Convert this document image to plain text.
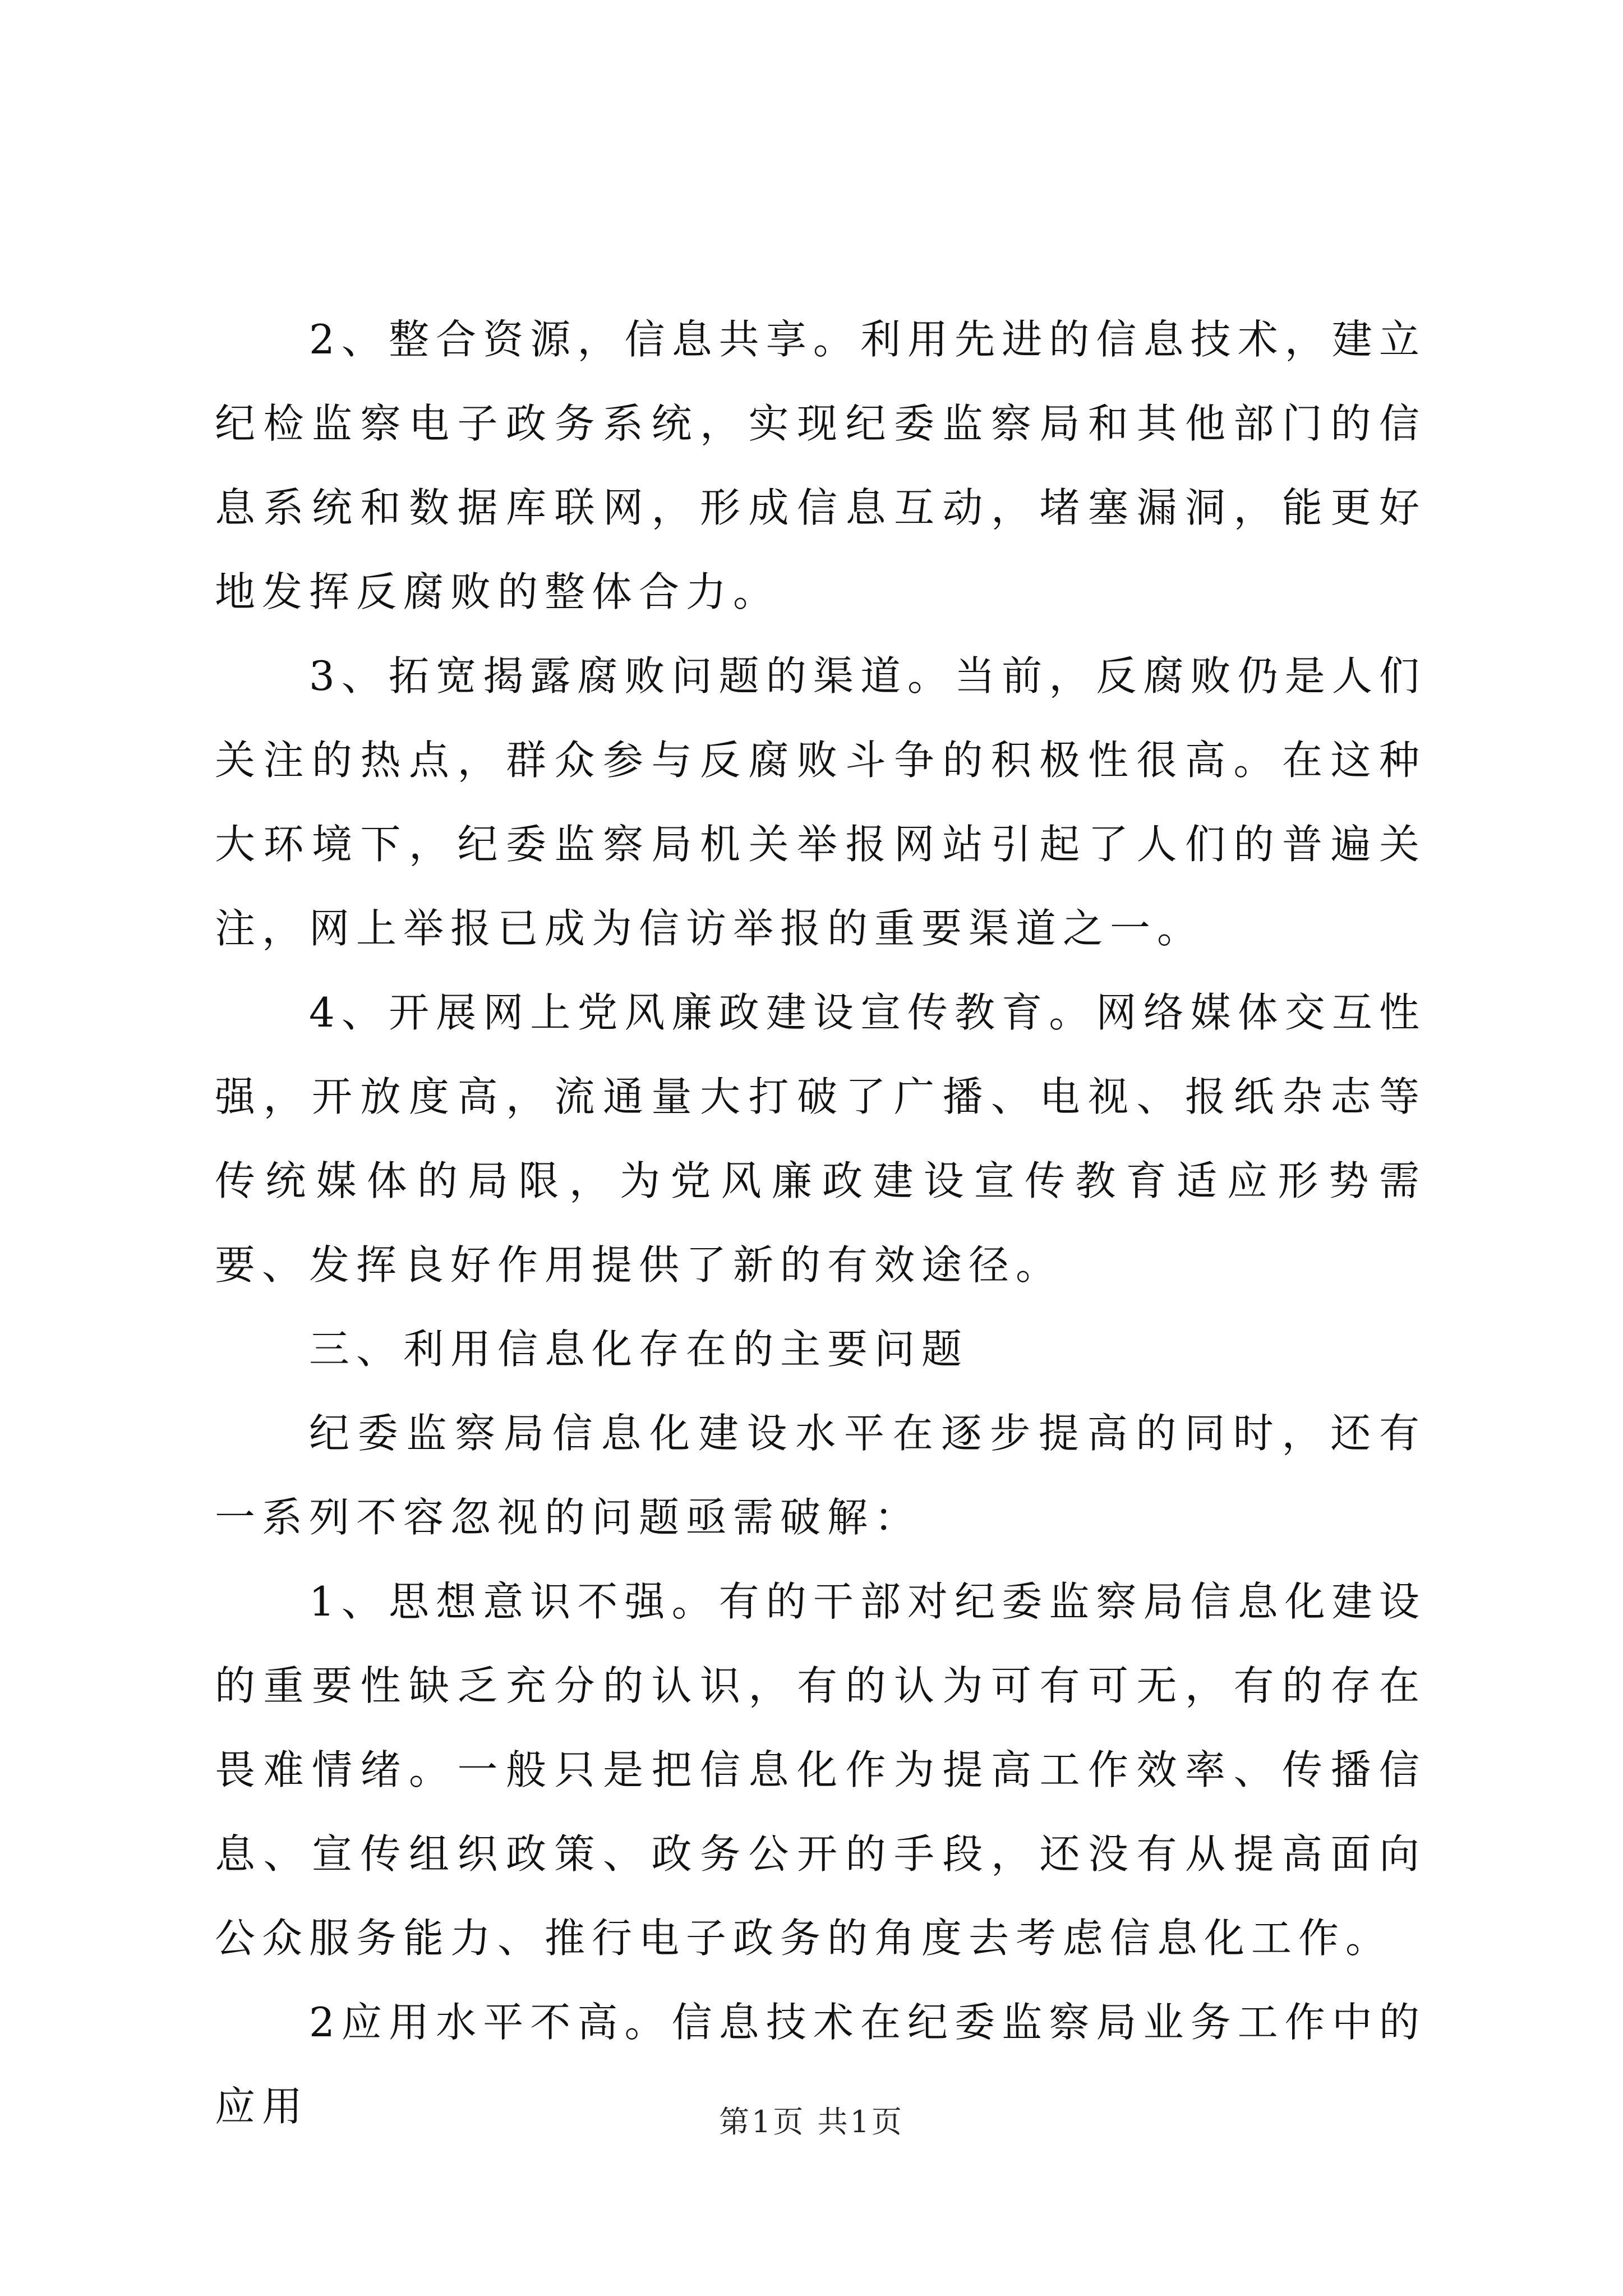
2、整合资源，信息共享。利用先进的信息技术，建立纪检监察电子政务系统，实现纪委监察局和其他部门的信息系统和数据库联网，形成信息互动，堵塞漏洞，能更好地发挥反腐败的整体合力。

3、拓宽揭露腐败问题的渠道。当前，反腐败仍是人们关注的热点，群众参与反腐败斗争的积极性很高。在这种大环境下，纪委监察局机关举报网站引起了人们的普遍关注，网上举报已成为信访举报的重要渠道之一。

4、开展网上党风廉政建设宣传教育。网络媒体交互性强，开放度高，流通量大打破了广播、电视、报纸杂志等传统媒体的局限，为党风廉政建设宣传教育适应形势需要、发挥良好作用提供了新的有效途径。

三、利用信息化存在的主要问题

纪委监察局信息化建设水平在逐步提高的同时，还有一系列不容忽视的问题亟需破解：

1、思想意识不强。有的干部对纪委监察局信息化建设的重要性缺乏充分的认识，有的认为可有可无，有的存在畏难情绪。一般只是把信息化作为提高工作效率、传播信息、宣传组织政策、政务公开的手段，还没有从提高面向公众服务能力、推行电子政务的角度去考虑信息化工作。

2应用水平不高。信息技术在纪委监察局业务工作中的应用	第1页 共1页
